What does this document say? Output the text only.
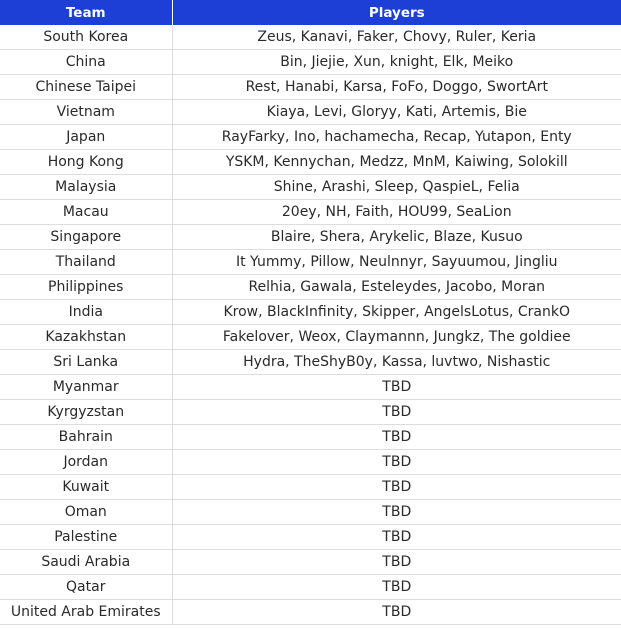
Team	Players
South Korea	Zeus, Kanavi, Faker, Chovy, Ruler, Keria
China	Bin, Jiejie, Xun, knight, Elk, Meiko
Chinese Taipei	Rest, Hanabi, Karsa, FoFo, Doggo, SwortArt
Vietnam	Kiaya, Levi, Gloryy, Kati, Artemis, Bie
Japan	RayFarky, Ino, hachamecha, Recap, Yutapon, Enty
Hong Kong	YSKM, Kennychan, Medzz, MnM, Kaiwing, Solokill
Malaysia	Shine, Arashi, Sleep, QaspieL, Felia
Macau	20ey, NH, Faith, HOU99, SeaLion
Singapore	Blaire, Shera, Arykelic, Blaze, Kusuo
Thailand	It Yummy, Pillow, Neulnnyr, Sayuumou, Jingliu
Philippines	Relhia, Gawala, Esteleydes, Jacobo, Moran
India	Krow, BlackInfinity, Skipper, AngelsLotus, CrankO
Kazakhstan	Fakelover, Weox, Claymannn, Jungkz, The goldiee
Sri Lanka	Hydra, TheShyB0y, Kassa, luvtwo, Nishastic
Myanmar	TBD
Kyrgyzstan	TBD
Bahrain	TBD
Jordan	TBD
Kuwait	TBD
Oman	TBD
Palestine	TBD
Saudi Arabia	TBD
Qatar	TBD
United Arab Emirates	TBD
